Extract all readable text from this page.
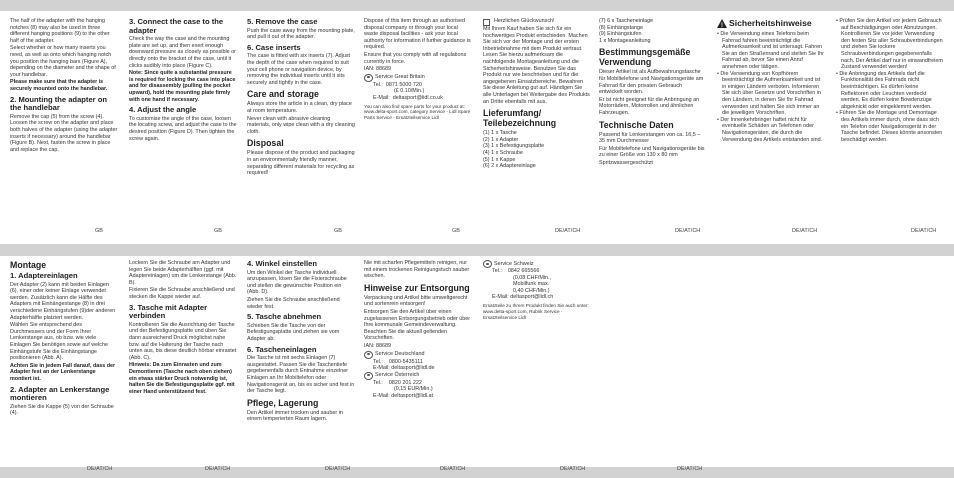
The half of the adapter with the hanging notches (8) may also be used in three different hanging positions (9) to the other half of the adapter.

Select whether or how many inserts you need, as well as onto which hanging notch you position the hanging bars (Figure A), depending on the diameter and the shape of your handlebar.

Please make sure that the adapter is securely mounted onto the handlebar.

2. Mounting the adapter on the handlebar

Remove the cap (5) from the screw (4). Loosen the screw on the adapter and place both halves of the adapter (using the adapter inserts if necessary) around the handlebar (Figure B). Next, fasten the screw in place and replace the cap.

3. Connect the case to the adapter

Check the way the case and the mounting plate are set up, and then exert enough downward pressure as closely as possible or directly onto the bracket of the case, until it clicks audibly into place (Figure C).

Note: Since quite a substantial pressure is required for locking the case into place and for disassembly (pulling the pocket upward), hold the mounting plate firmly with one hand if necessary.

4. Adjust the angle

To customise the angle of the case, loosen the locating screw, and adjust the case to the desired position (Figure D). Then tighten the screw again.

5. Remove the case

Push the case away from the mounting plate, and pull it out of the adapter.

6. Case inserts

The case is fitted with six inserts (7). Adjust the depth of the case when required to suit your cell phone or navigation device, by removing the individual inserts until it sits securely and tightly in the case.

Care and storage

Always store the article in a clean, dry place at room temperature.

Never clean with abrasive cleaning materials, only wipe clean with a dry cleaning cloth.

Disposal

Please dispose of the product and packaging in an environmentally friendly manner, separating different materials for recycling as required!

Dispose of this item through an authorised disposal company or through your local waste disposal facilities - ask your local authority for information if further guidance is required.

Ensure that you comply with all regulations currently in force.

IAN: 88689

Service Great Britain
Tel.: 0871 5000 720
(£ 0.10/Min.)
E-Mail: deltasport@lidl.co.uk

You can also find spare parts for your product at: www.delta-sport.com, category Service - Lidl Spare Parts Service - Ersatzteilservice Lidl

Herzlichen Glückwunsch!

Mit Ihrem Kauf haben Sie sich für ein hochwertiges Produkt entschieden. Machen Sie sich vor der Montage und der ersten Inbetriebnahme mit dem Produkt vertraut. Lesen Sie hierzu aufmerksam die nachfolgende Montageanleitung und die Sicherheitshinweise. Benutzen Sie das Produkt nur wie beschrieben und für die angegebenen Einsatzbereiche. Bewahren Sie diese Anleitung gut auf. Händigen Sie alle Unterlagen bei Weitergabe des Produkts an Dritte ebenfalls mit aus.

Lieferumfang/ Teilebezeichnung
(1) 1 x Tasche
(2) 1 x Adapter
(3) 1 x Befestigungsplatte
(4) 1 x Schraube
(5) 1 x Kappe
(6) 2 x Adaptereinlage
(7) 6 x Tascheneinlage
(8) Einhängstange
(9) Einhängstufen
1 x Montageanleitung
Bestimmungsgemäße Verwendung

Dieser Artikel ist als Aufbewahrungstasche für Mobiltelefone und Navigationsgeräte am Fahrrad für den privaten Gebrauch entwickelt worden.

Er ist nicht geeignet für die Anbringung an Motorrädern, Motorrollen und ähnlichen Fahrzeugen.

Technische Daten

Passend für Lenkerstangen von ca. 16,5 – 35 mm Durchmesser

Für Mobiltelefone und Navigationsgeräte bis zu einer Größe von 130 x 80 mm

Spritzwassergeschützt

! Sicherheitshinweise
• Die Verwendung eines Telefons beim Fahrrad fahren beeinträchtigt die Aufmerksamkeit und ist untersagt. Fahren Sie an den Straßenrand und stellen Sie Ihr Fahrrad ab, bevor Sie einen Anruf annehmen oder tätigen.
• Die Verwendung von Kopfhörern beeinträchtigt die Aufmerksamkeit und ist in einigen Ländern verboten. Informieren Sie sich über Gesetze und Vorschriften in den Ländern, in denen Sie Ihr Fahrrad verwenden und halten Sie sich immer an die jeweiligen Vorschriften.
• Der Innenkehrbringer haftet nicht für eventuelle Schäden an Telefonen oder Navigationsgeräten, die durch die Verwendung des Artikels entstanden sind.
• Prüfen Sie den Artikel vor jedem Gebrauch auf Beschädigungen oder Abnutzungen. Kontrollieren Sie vor jeder Verwendung den festen Sitz aller Schraubverbindungen und ziehen Sie lockere Schraubverbindungen gegebenenfalls nach. Der Artikel darf nur in einwandfreiem Zustand verwendet werden!
• Die Anbringung des Artikels darf die Funktionalität des Fahrrads nicht beeinträchtigen. Es dürfen keine Reflektoren oder Leuchten verdeckt werden. Es dürfen keine Bowdenzüge abgeknickt oder eingeklemmt werden.
• Führen Sie die Montage und Demontage des Artikels immer durch, ohne dass sich ein Telefon oder Navigationsgerät in der Tasche befindet. Dieses könnte ansonsten beschädigt werden.
GB	GB	GB	GB	DE/AT/CH	DE/AT/CH	DE/AT/CH	DE/AT/CH
Montage
1. Adaptereinlagen

Der Adapter (2) kann mit beiden Einlagen (6), einer oder keiner Einlage verwendet werden. Zusätzlich kann die Hälfte des Adapters mit Einhängestange (8) in drei verschiedene Einhängstufen (9)der anderen Adapterhälfte platziert werden.

Wählen Sie entsprechend des Durchmessers und der Form Ihrer Lenkerstange aus, ob bzw. wie viele Einlagen Sie benötigen sowie auf welche Einhängstufe Sie die Einhängstange positionieren (Abb. A).

Achten Sie in jedem Fall darauf, dass der Adapter fest an der Lenkerstange montiert ist.

2. Adapter an Lenkerstange montieren

Ziehen Sie die Kappe (5) von der Schraube (4).

Lockern Sie die Schraube am Adapter und legen Sie beide Adapterhälften (ggf. mit Adaptereinlagen) um die Lenkerstange (Abb. B).

Fixieren Sie die Schraube anschließend und stecken die Kappe wieder auf.

3. Tasche mit Adapter verbinden

Kontrollieren Sie die Ausrichtung der Tasche und der Befestigungsplatte und üben Sie dann ausreichend Druck möglichst nahe bzw. auf die Halterung der Tasche nach unten aus, bis diese deutlich hörbar einrastet (Abb. C).

Hinweis: Da zum Einrasten und zum Demontieren (Tasche nach oben ziehen) ein etwas stärker Druck notwendig ist, halten Sie die Befestigungsplatte ggf. mit einer Hand unterstützend fest.

4. Winkel einstellen

Um den Winkel der Tasche individuell anzupassen, lösen Sie die Fixierschraube und stellen die gewünschte Position ein (Abb. D).

Ziehen Sie die Schraube anschließend wieder fest.

5. Tasche abnehmen

Schieben Sie die Tasche von der Befestigungsplatte und ziehen sie vom Adapter ab.

6. Tascheneinlagen

Die Tasche ist mit sechs Einlagen (7) ausgestattet. Passen Sie die Taschentiefe gegebenenfalls durch Entnahme einzelner Einlagen an Ihr Mobiltelefon oder Navigationsgerät an, bis es sicher und fest in der Tasche liegt.

Pflege, Lagerung

Den Artikel immer trocken und sauber in einem temperierten Raum lagern.

Nie mit scharfen Pflegemitteln reinigen, nur mit einem trockenen Reinigungstuch sauber wischen.

Hinweise zur Entsorgung

Verpackung und Artikel bitte umweltgerecht und sortenrein entsorgen!

Entsorgen Sie den Artikel über einen zugelassenen Entsorgungsbetrieb oder über Ihre kommunale Gemeindeverwaltung. Beachten Sie die aktuell geltenden Vorschriften.

IAN: 88689

Service Deutschland
Tel.: 0800-5435111
E-Mail: deltasport@lidl.de
Service Österreich
Tel.: 0820 201 222
(0,15 EUR/Min.)
E-Mail: deltasport@lidl.at
Service Schweiz
Tel.: 0842 665566
(0,08 CHF/Min.,
Mobilfunk max.
0,40 CHF/Min.)
E-Mail: deltasport@lidl.ch

Ersatzteile zu Ihrem Produkt finden Sie auch unter: www.delta-sport.com, Rubrik Service - Ersatzteilservice Lidl

DE/AT/CH	DE/AT/CH	DE/AT/CH	DE/AT/CH	DE/AT/CH	DE/AT/CH
